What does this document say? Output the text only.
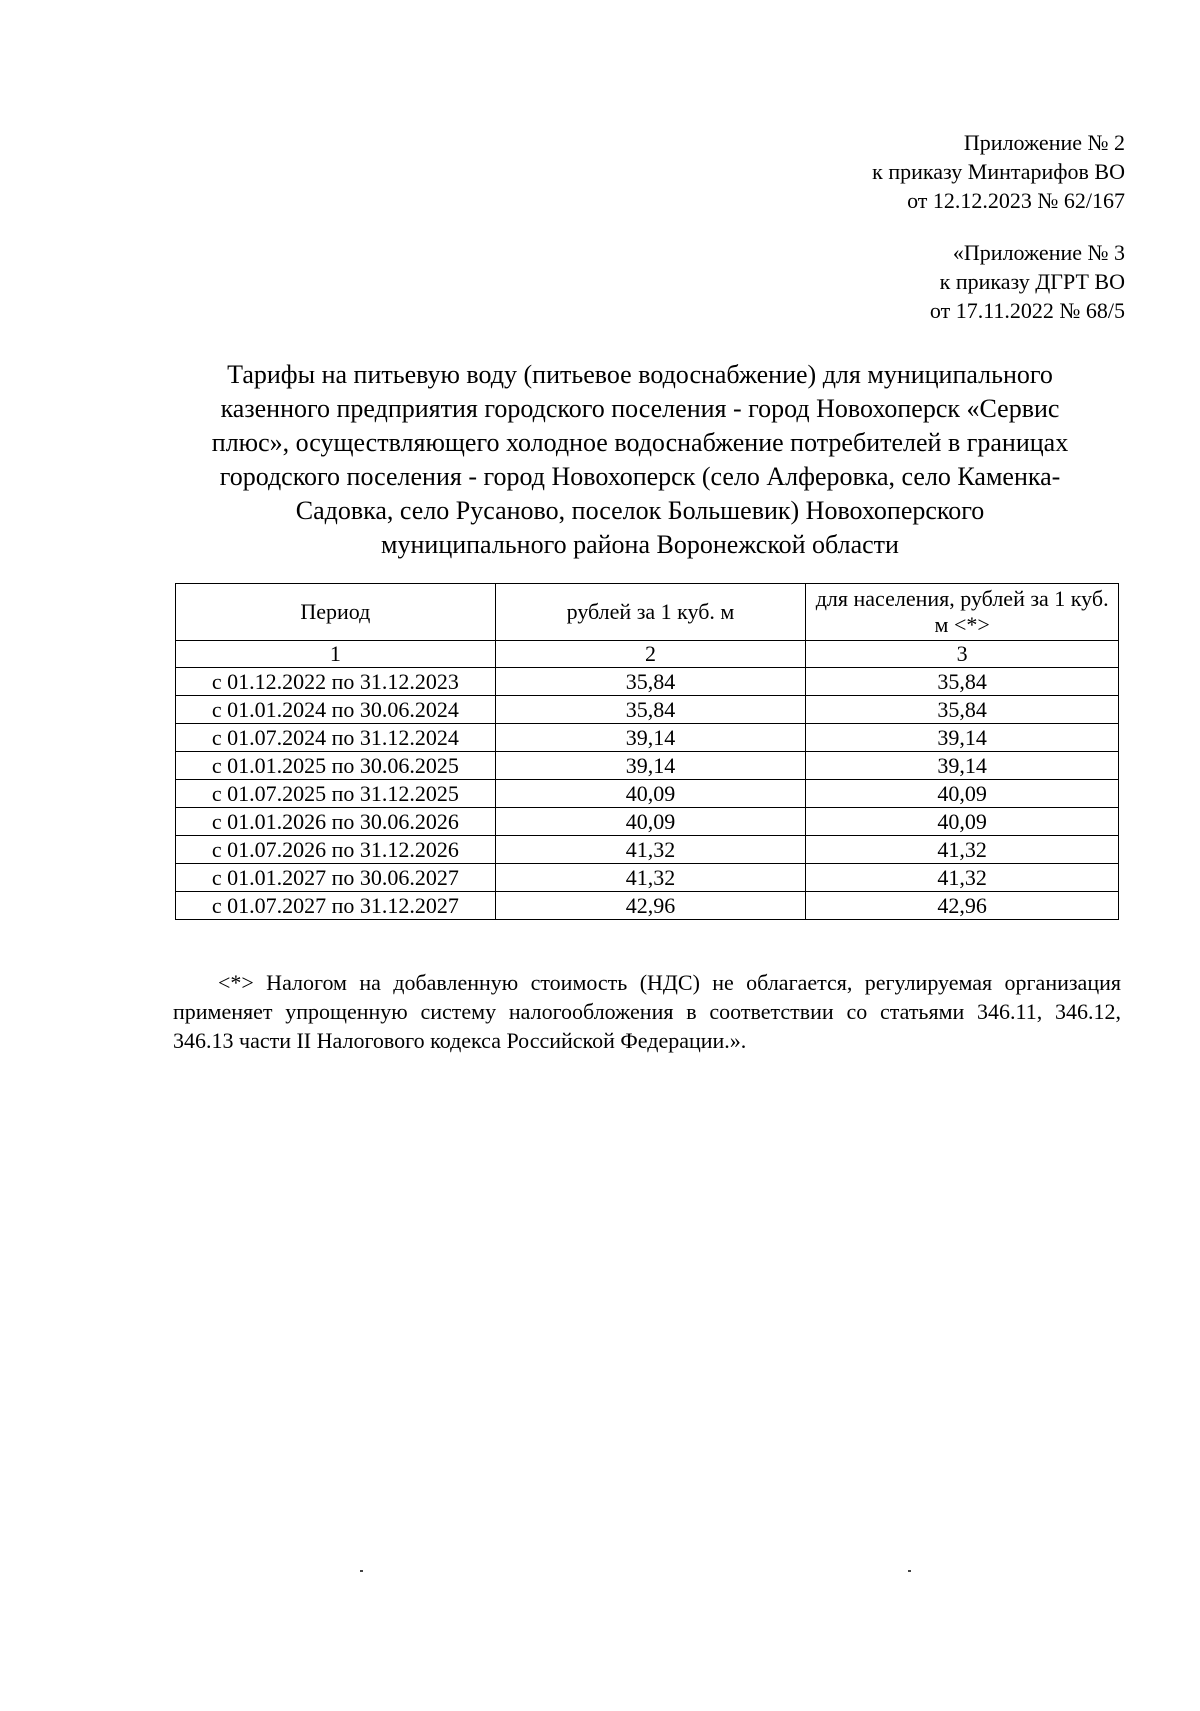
Приложение № 2
к приказу Минтарифов ВО
от 12.12.2023 № 62/167
«Приложение № 3
к приказу ДГРТ ВО
от 17.11.2022 № 68/5
Тарифы на питьевую воду (питьевое водоснабжение) для муниципального
казенного предприятия городского поселения - город Новохоперск «Сервис
плюс», осуществляющего холодное водоснабжение потребителей в границах
городского поселения - город Новохоперск (село Алферовка, село Каменка-
Садовка, село Русаново, поселок Большевик) Новохоперского
муниципального района Воронежской области
Период	рублей за 1 куб. м	для населения, рублей за 1 куб. м <*>
1	2	3
с 01.12.2022 по 31.12.2023	35,84	35,84
с 01.01.2024 по 30.06.2024	35,84	35,84
с 01.07.2024 по 31.12.2024	39,14	39,14
с 01.01.2025 по 30.06.2025	39,14	39,14
с 01.07.2025 по 31.12.2025	40,09	40,09
с 01.01.2026 по 30.06.2026	40,09	40,09
с 01.07.2026 по 31.12.2026	41,32	41,32
с 01.01.2027 по 30.06.2027	41,32	41,32
с 01.07.2027 по 31.12.2027	42,96	42,96
<*> Налогом на добавленную стоимость (НДС) не облагается, регулируемая организация применяет упрощенную систему налогообложения в соответствии со статьями 346.11, 346.12, 346.13 части II Налогового кодекса Российской Федерации.».
